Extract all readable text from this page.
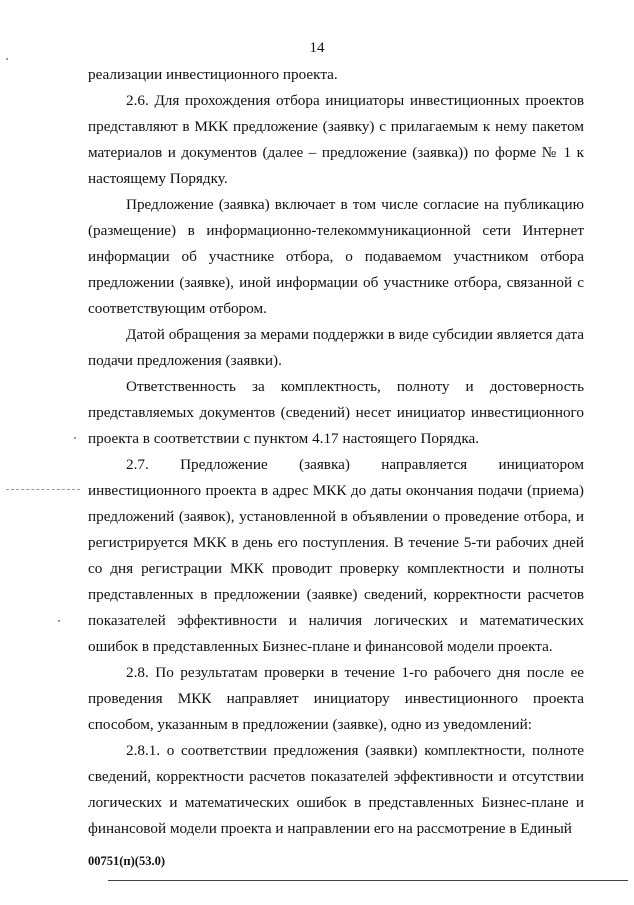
14

реализации инвестиционного проекта.

2.6. Для прохождения отбора инициаторы инвестиционных проектов представляют в МКК предложение (заявку) с прилагаемым к нему пакетом материалов и документов (далее – предложение (заявка)) по форме № 1 к настоящему Порядку.

Предложение (заявка) включает в том числе согласие на публикацию (размещение) в информационно-телекоммуникационной сети Интернет информации об участнике отбора, о подаваемом участником отбора предложении (заявке), иной информации об участнике отбора, связанной с соответствующим отбором.

Датой обращения за мерами поддержки в виде субсидии является дата подачи предложения (заявки).

Ответственность за комплектность, полноту и достоверность представляемых документов (сведений) несет инициатор инвестиционного проекта в соответствии с пунктом 4.17 настоящего Порядка.

2.7. Предложение (заявка) направляется инициатором инвестиционного проекта в адрес МКК до даты окончания подачи (приема) предложений (заявок), установленной в объявлении о проведение отбора, и регистрируется МКК в день его поступления. В течение 5-ти рабочих дней со дня регистрации МКК проводит проверку комплектности и полноты представленных в предложении (заявке) сведений, корректности расчетов показателей эффективности и наличия логических и математических ошибок в представленных Бизнес-плане и финансовой модели проекта.

2.8. По результатам проверки в течение 1-го рабочего дня после ее проведения МКК направляет инициатору инвестиционного проекта способом, указанным в предложении (заявке), одно из уведомлений:

2.8.1. о соответствии предложения (заявки) комплектности, полноте сведений, корректности расчетов показателей эффективности и отсутствии логических и математических ошибок в представленных Бизнес-плане и финансовой модели проекта и направлении его на рассмотрение в Единый

00751(п)(53.0)
